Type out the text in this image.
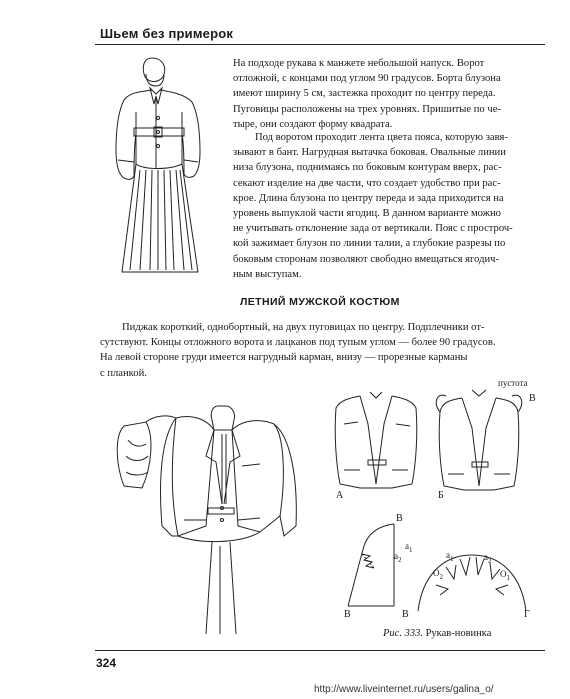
Шьем без примерок

На подходе рукава к манжете небольшой напуск. Ворот
отложной, с концами под углом 90 градусов. Борта блузона
имеют ширину 5 см, застежка проходит по центру переда.
Пуговицы расположены на трех уровнях. Пришитые по че-
тыре, они создают форму квадрата.

Под воротом проходит лента цвета пояса, которую завя-
зывают в бант. Нагрудная вытачка боковая. Овальные линии
низа блузона, поднимаясь по боковым контурам вверх, рас-
секают изделие на две части, что создает удобство при рас-
крое. Длина блузона по центру переда и зада приходится на
уровень выпуклой части ягодиц. В данном варианте можно
не учитывать отклонение зада от вертикали. Пояс с простроч-
кой зажимает блузон по линии талии, а глубокие разрезы по
боковым сторонам позволяют свободно вмещаться ягодич-
ным выступам.

ЛЕТНИЙ МУЖСКОЙ КОСТЮМ

Пиджак короткий, однобортный, на двух пуговицах по центру. Подплечники от-
сутствуют. Концы отложного ворота и лацканов под тупым углом — более 90 градусов.
На левой стороне груди имеется нагрудный карман, внизу — прорезные карманы
с планкой.

А	Б
пустота
В
В
В
$а_1$
$а_2$	$а_1$	$а_2$
$О_2$	$О_1$
В	Г
Рис. 333. Рукав-новинка
324
http://www.liveinternet.ru/users/galina_o/
